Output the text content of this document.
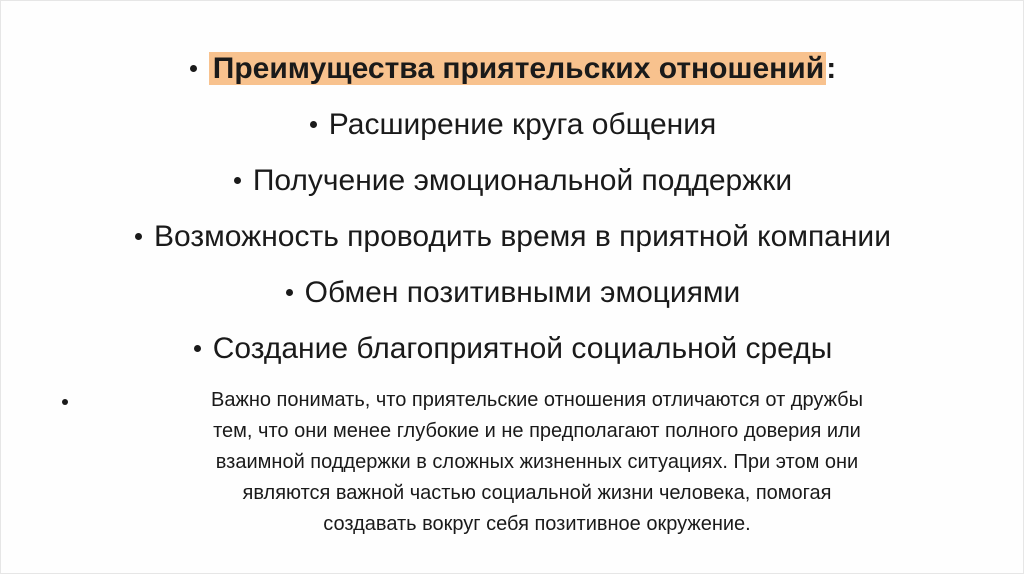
Преимущества приятельских отношений:
Расширение круга общения
Получение эмоциональной поддержки
Возможность проводить время в приятной компании
Обмен позитивными эмоциями
Создание благоприятной социальной среды
Важно понимать, что приятельские отношения отличаются от дружбы
тем, что они менее глубокие и не предполагают полного доверия или
взаимной поддержки в сложных жизненных ситуациях. При этом они
являются важной частью социальной жизни человека, помогая
создавать вокруг себя позитивное окружение.
